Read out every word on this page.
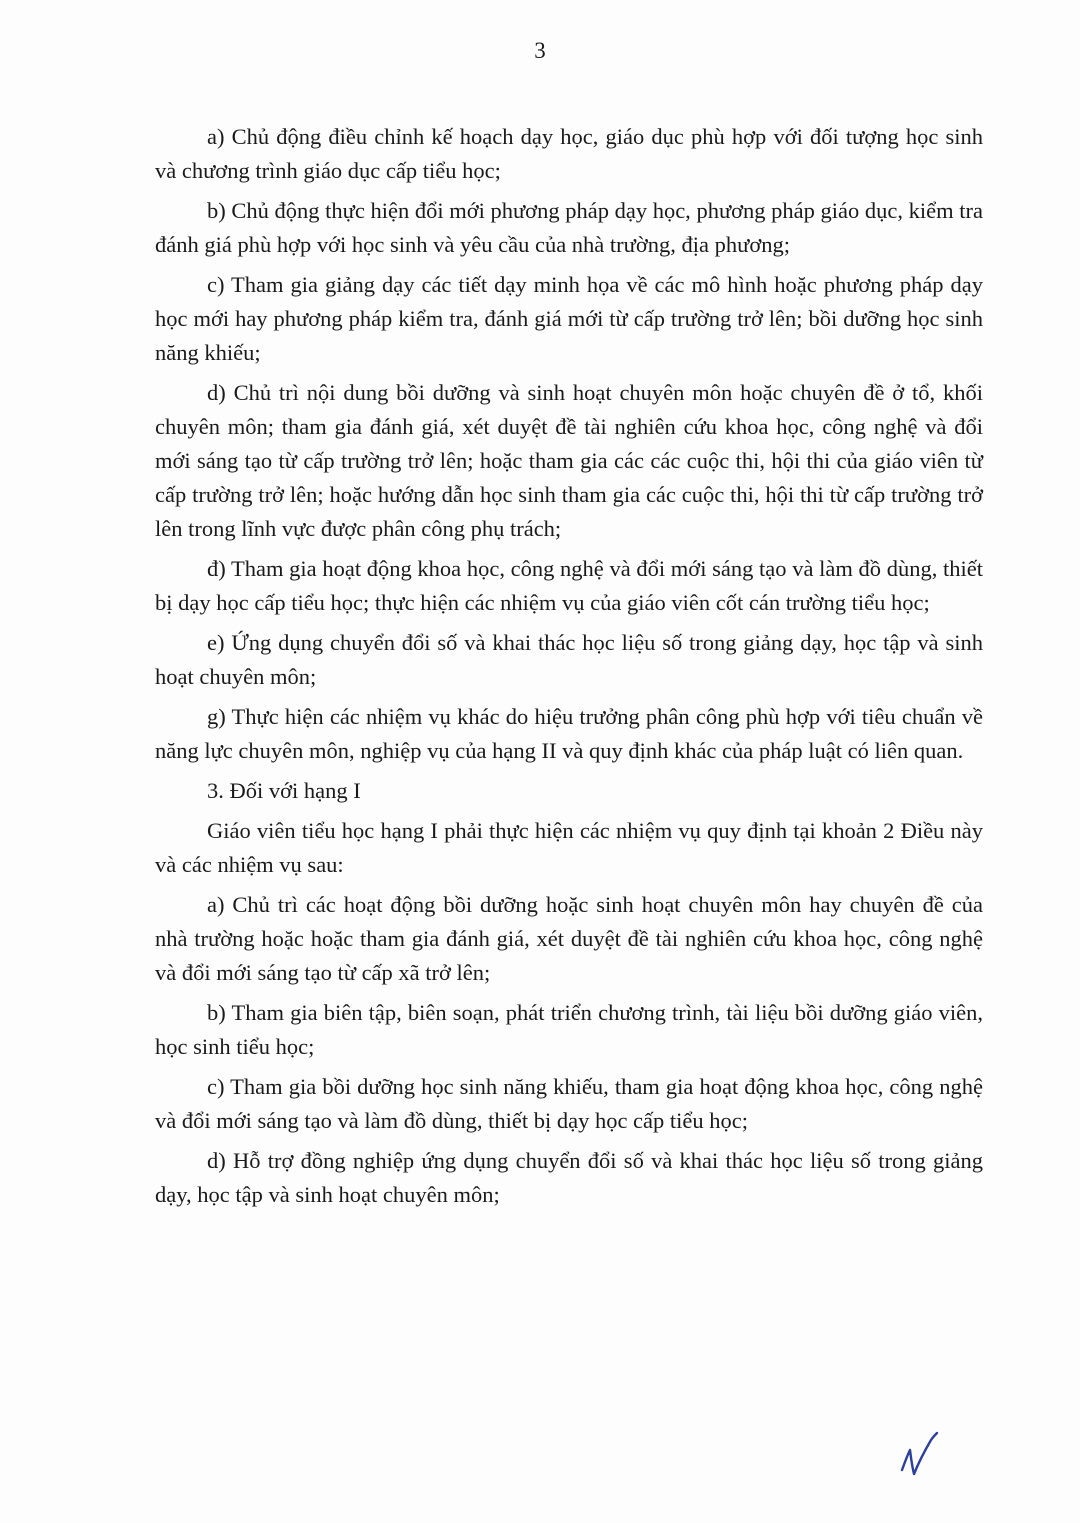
3

a) Chủ động điều chỉnh kế hoạch dạy học, giáo dục phù hợp với đối tượng học sinh và chương trình giáo dục cấp tiểu học;

b) Chủ động thực hiện đổi mới phương pháp dạy học, phương pháp giáo dục, kiểm tra đánh giá phù hợp với học sinh và yêu cầu của nhà trường, địa phương;

c) Tham gia giảng dạy các tiết dạy minh họa về các mô hình hoặc phương pháp dạy học mới hay phương pháp kiểm tra, đánh giá mới từ cấp trường trở lên; bồi dưỡng học sinh năng khiếu;

d) Chủ trì nội dung bồi dưỡng và sinh hoạt chuyên môn hoặc chuyên đề ở tổ, khối chuyên môn; tham gia đánh giá, xét duyệt đề tài nghiên cứu khoa học, công nghệ và đổi mới sáng tạo từ cấp trường trở lên; hoặc tham gia các các cuộc thi, hội thi của giáo viên từ cấp trường trở lên; hoặc hướng dẫn học sinh tham gia các cuộc thi, hội thi từ cấp trường trở lên trong lĩnh vực được phân công phụ trách;

đ) Tham gia hoạt động khoa học, công nghệ và đổi mới sáng tạo và làm đồ dùng, thiết bị dạy học cấp tiểu học; thực hiện các nhiệm vụ của giáo viên cốt cán trường tiểu học;

e) Ứng dụng chuyển đổi số và khai thác học liệu số trong giảng dạy, học tập và sinh hoạt chuyên môn;

g) Thực hiện các nhiệm vụ khác do hiệu trưởng phân công phù hợp với tiêu chuẩn về năng lực chuyên môn, nghiệp vụ của hạng II và quy định khác của pháp luật có liên quan.

3. Đối với hạng I

Giáo viên tiểu học hạng I phải thực hiện các nhiệm vụ quy định tại khoản 2 Điều này và các nhiệm vụ sau:

a) Chủ trì các hoạt động bồi dưỡng hoặc sinh hoạt chuyên môn hay chuyên đề của nhà trường hoặc hoặc tham gia đánh giá, xét duyệt đề tài nghiên cứu khoa học, công nghệ và đổi mới sáng tạo từ cấp xã trở lên;

b) Tham gia biên tập, biên soạn, phát triển chương trình, tài liệu bồi dưỡng giáo viên, học sinh tiểu học;

c) Tham gia bồi dưỡng học sinh năng khiếu, tham gia hoạt động khoa học, công nghệ và đổi mới sáng tạo và làm đồ dùng, thiết bị dạy học cấp tiểu học;

d) Hỗ trợ đồng nghiệp ứng dụng chuyển đổi số và khai thác học liệu số trong giảng dạy, học tập và sinh hoạt chuyên môn;
